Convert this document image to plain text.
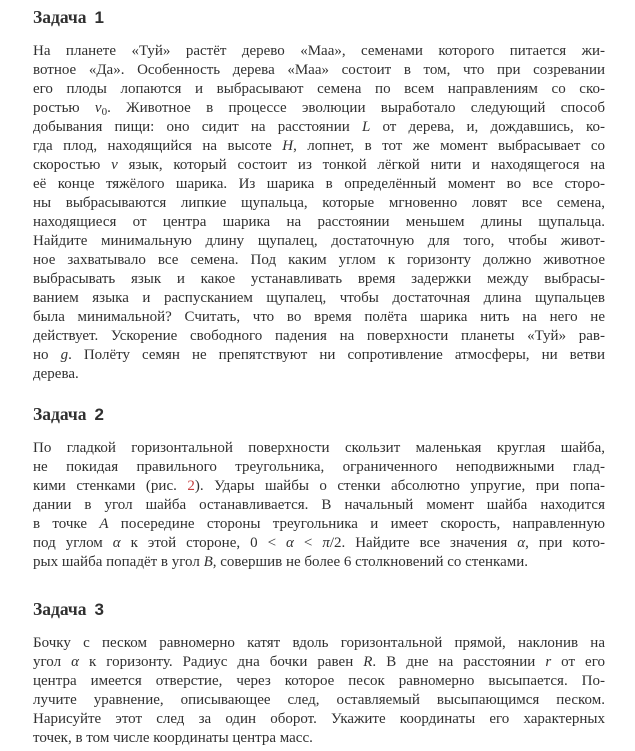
Задача 1
На планете «Туй» растёт дерево «Маа», семенами которого питается жи-
вотное «Да». Особенность дерева «Маа» состоит в том, что при созревании
его плоды лопаются и выбрасывают семена по всем направлениям со ско-
ростью $v_0$. Животное в процессе эволюции выработало следующий способ
добывания пищи: оно сидит на расстоянии L от дерева, и, дождавшись, ко-
гда плод, находящийся на высоте H, лопнет, в тот же момент выбрасывает со
скоростью v язык, который состоит из тонкой лёгкой нити и находящегося на
её конце тяжёлого шарика. Из шарика в определённый момент во все сторо-
ны выбрасываются липкие щупальца, которые мгновенно ловят все семена,
находящиеся от центра шарика на расстоянии меньшем длины щупальца.
Найдите минимальную длину щупалец, достаточную для того, чтобы живот-
ное захватывало все семена. Под каким углом к горизонту должно животное
выбрасывать язык и какое устанавливать время задержки между выбрасы-
ванием языка и распусканием щупалец, чтобы достаточная длина щупальцев
была минимальной? Считать, что во время полёта шарика нить на него не
действует. Ускорение свободного падения на поверхности планеты «Туй» рав-
но g. Полёту семян не препятствуют ни сопротивление атмосферы, ни ветви
дерева.
Задача 2
По гладкой горизонтальной поверхности скользит маленькая круглая шайба,
не покидая правильного треугольника, ограниченного неподвижными глад-
кими стенками (рис. 2). Удары шайбы о стенки абсолютно упругие, при попа-
дании в угол шайба останавливается. В начальный момент шайба находится
в точке A посередине стороны треугольника и имеет скорость, направленную
под углом α к этой стороне, 0 < α < π/2. Найдите все значения α, при кото-
рых шайба попадёт в угол B, совершив не более 6 столкновений со стенками.
Задача 3
Бочку с песком равномерно катят вдоль горизонтальной прямой, наклонив на
угол α к горизонту. Радиус дна бочки равен R. В дне на расстоянии r от его
центра имеется отверстие, через которое песок равномерно высыпается. По-
лучите уравнение, описывающее след, оставляемый высыпающимся песком.
Нарисуйте этот след за один оборот. Укажите координаты его характерных
точек, в том числе координаты центра масс.
